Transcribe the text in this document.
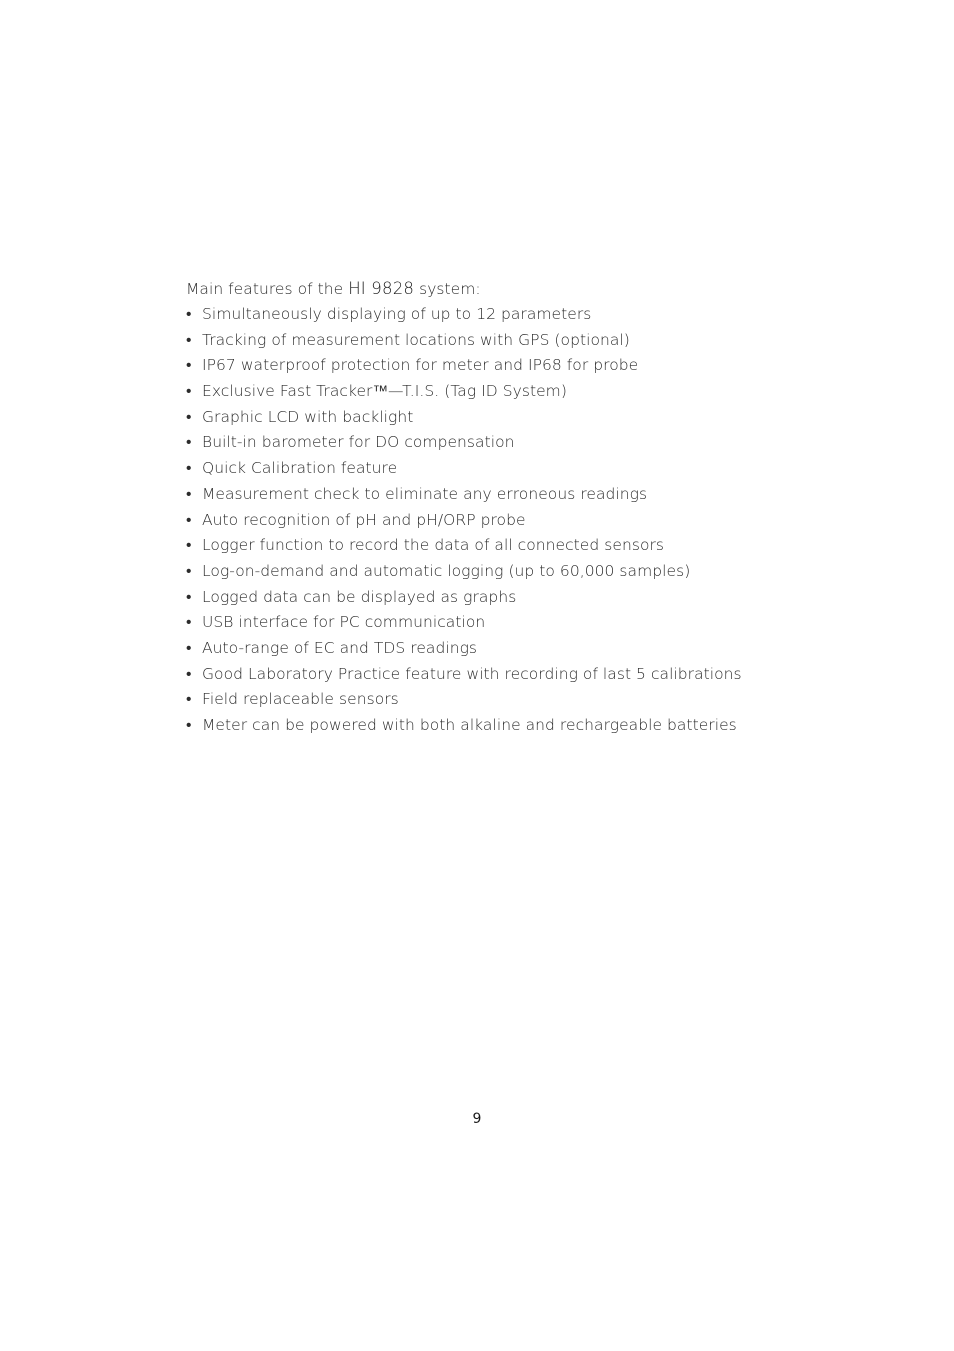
Main features of the HI 9828 system:
• Simultaneously displaying of up to 12 parameters
• Tracking of measurement locations with GPS (optional)
• IP67 waterproof protection for meter and IP68 for probe
• Exclusive Fast Tracker™—T.I.S. (Tag ID System)
• Graphic LCD with backlight
• Built-in barometer for DO compensation
• Quick Calibration feature
• Measurement check to eliminate any erroneous readings
• Auto recognition of pH and pH/ORP probe
• Logger function to record the data of all connected sensors
• Log-on-demand and automatic logging (up to 60,000 samples)
• Logged data can be displayed as graphs
• USB interface for PC communication
• Auto-range of EC and TDS readings
• Good Laboratory Practice feature with recording of last 5 calibrations
• Field replaceable sensors
• Meter can be powered with both alkaline and rechargeable batteries
9
